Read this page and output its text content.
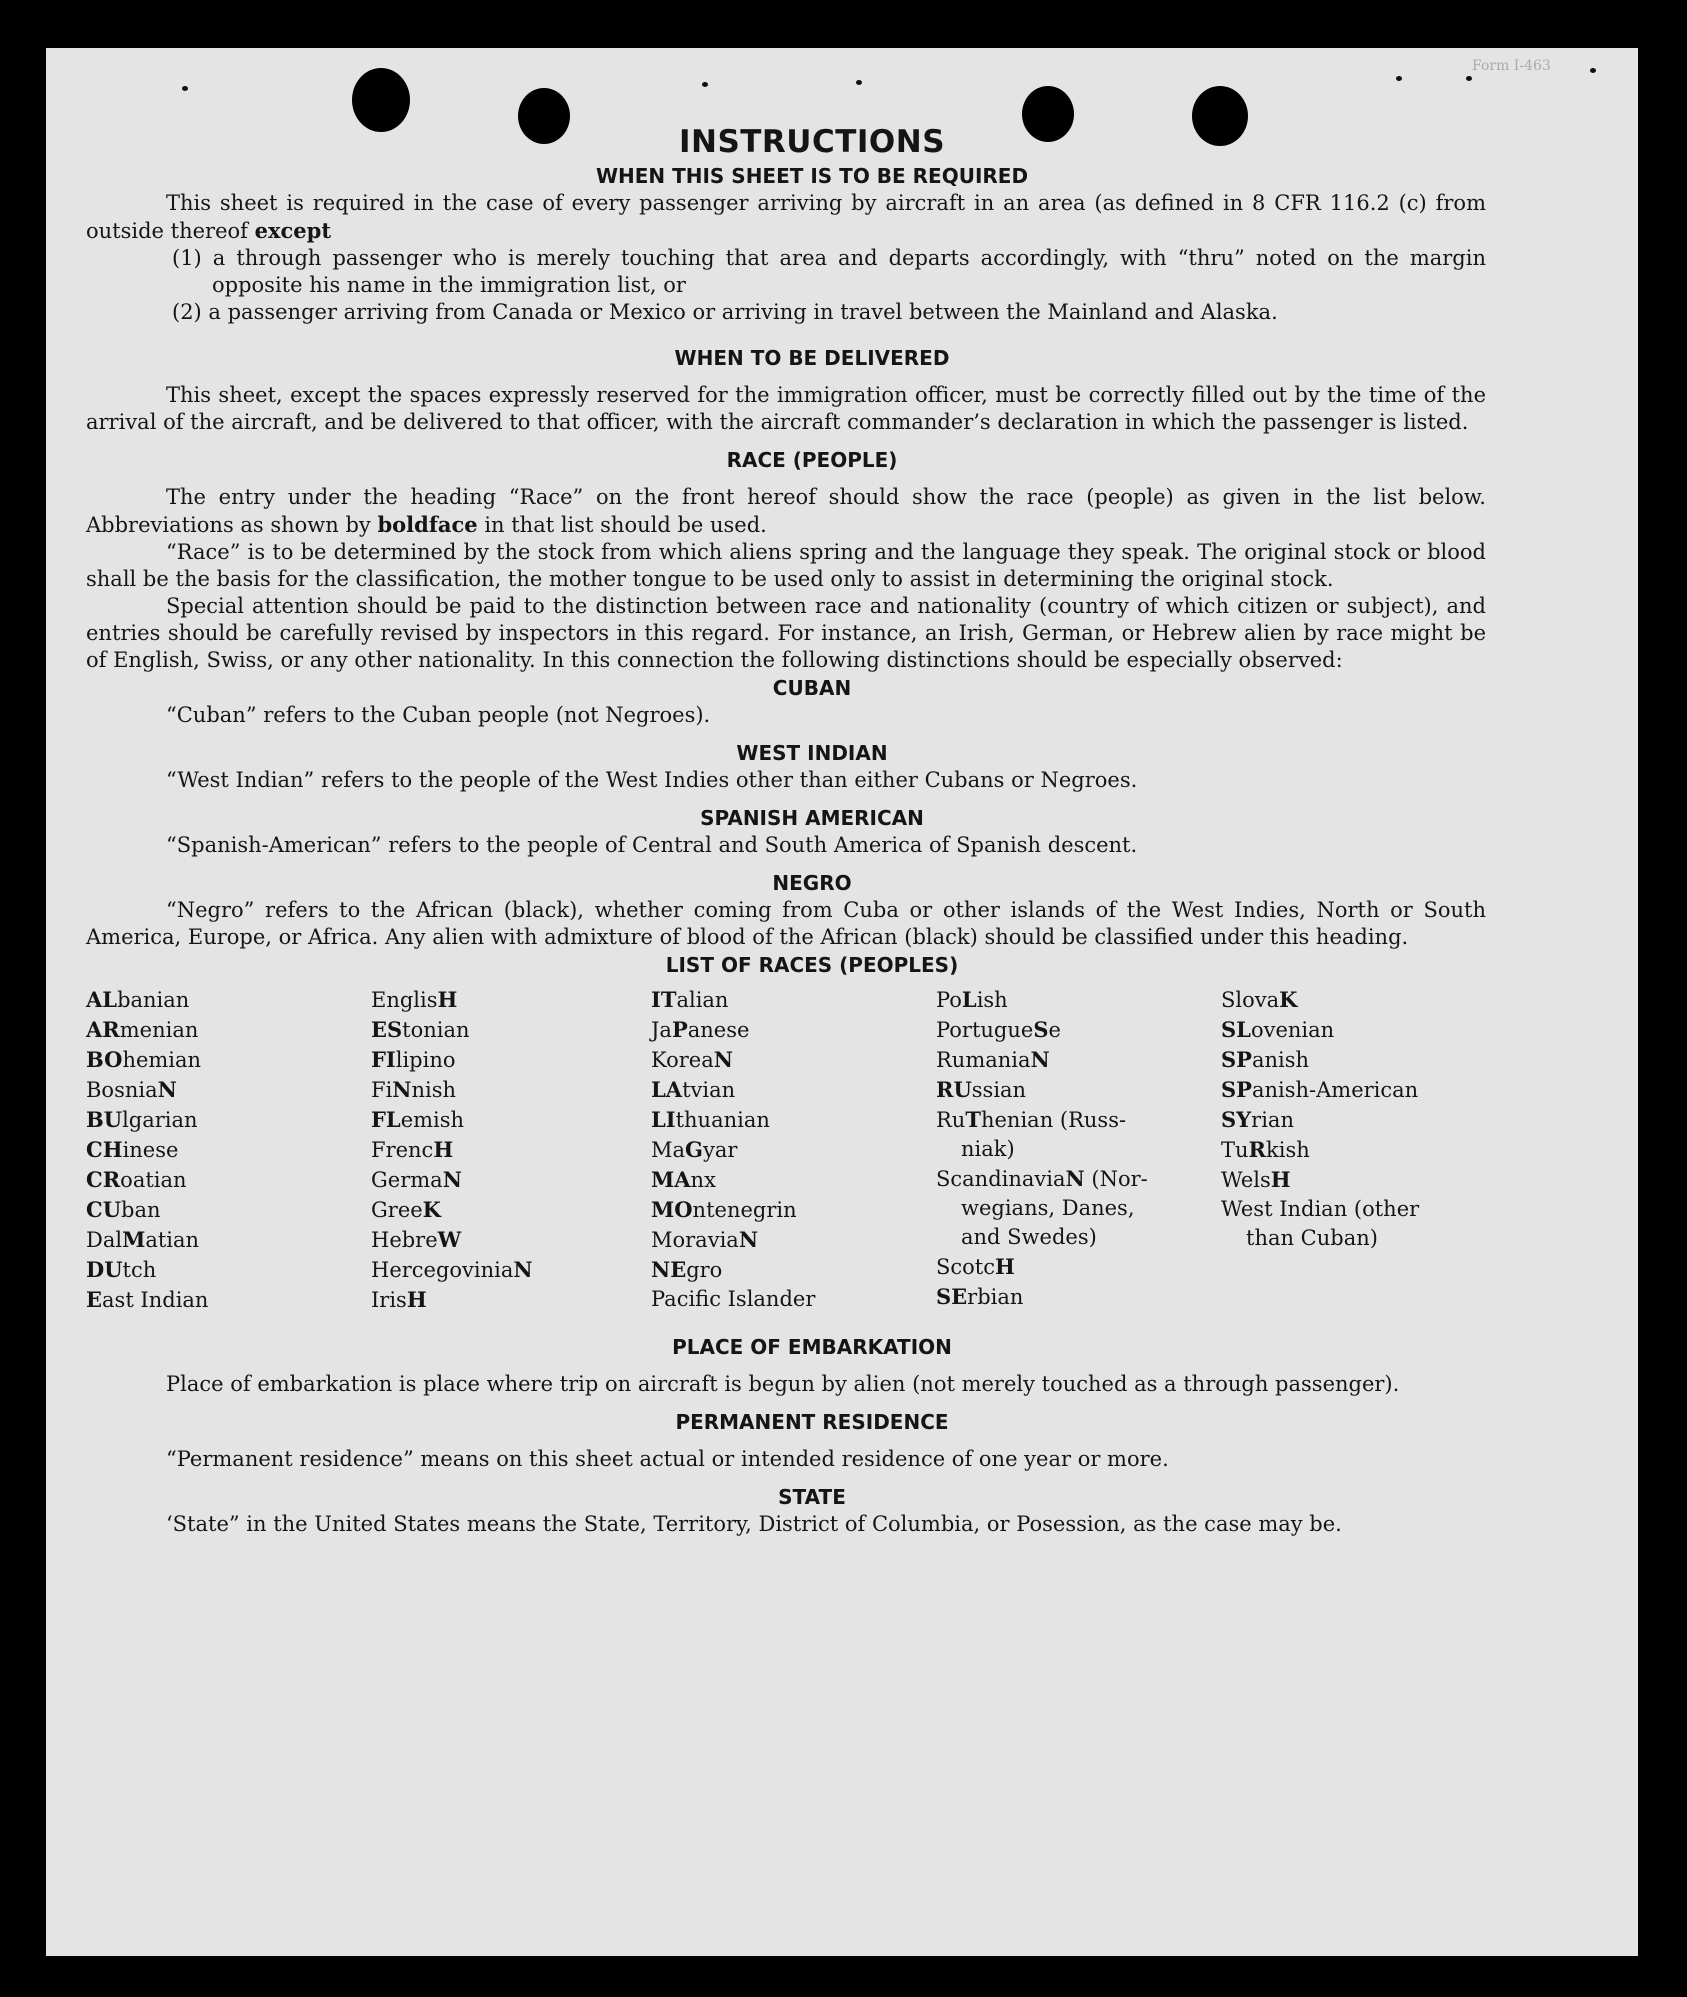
Form I-463
INSTRUCTIONS
WHEN THIS SHEET IS TO BE REQUIRED

This sheet is required in the case of every passenger arriving by aircraft in an area (as defined in 8 CFR 116.2 (c) from outside thereof except

(1) a through passenger who is merely touching that area and departs accordingly, with “thru” noted on the margin opposite his name in the immigration list, or

(2) a passenger arriving from Canada or Mexico or arriving in travel between the Mainland and Alaska.

WHEN TO BE DELIVERED

This sheet, except the spaces expressly reserved for the immigration officer, must be correctly filled out by the time of the arrival of the aircraft, and be delivered to that officer, with the aircraft commander’s declaration in which the passenger is listed.

RACE (PEOPLE)

The entry under the heading “Race” on the front hereof should show the race (people) as given in the list below. Abbreviations as shown by boldface in that list should be used.

“Race” is to be determined by the stock from which aliens spring and the language they speak. The original stock or blood shall be the basis for the classification, the mother tongue to be used only to assist in determining the original stock.

Special attention should be paid to the distinction between race and nationality (country of which citizen or subject), and entries should be carefully revised by inspectors in this regard. For instance, an Irish, German, or Hebrew alien by race might be of English, Swiss, or any other nationality. In this connection the following distinctions should be especially observed:

CUBAN

“Cuban” refers to the Cuban people (not Negroes).

WEST INDIAN

“West Indian” refers to the people of the West Indies other than either Cubans or Negroes.

SPANISH AMERICAN

“Spanish-American” refers to the people of Central and South America of Spanish descent.

NEGRO

“Negro” refers to the African (black), whether coming from Cuba or other islands of the West Indies, North or South America, Europe, or Africa. Any alien with admixture of blood of the African (black) should be classified under this heading.

LIST OF RACES (PEOPLES)
ALbanian
ARmenian
BOhemian
BosniaN
BUlgarian
CHinese
CRoatian
CUban
DalMatian
DUtch
East Indian
EnglisH
EStonian
FIlipino
FiNnish
FLemish
FrencH
GermaN
GreeK
HebreW
HercegoviniaN
IrisH
ITalian
JaPanese
KoreaN
LAtvian
LIthuanian
MaGyar
MAnx
MOntenegrin
MoraviaN
NEgro
Pacific Islander
PoLish
PortugueSe
RumaniaN
RUssian
RuThenian (Russ-
niak)
ScandinaviaN (Nor-
wegians, Danes,
and Swedes)
ScotcH
SErbian
SlovaK
SLovenian
SPanish
SPanish-American
SYrian
TuRkish
WelsH
West Indian (other
than Cuban)
PLACE OF EMBARKATION

Place of embarkation is place where trip on aircraft is begun by alien (not merely touched as a through passenger).

PERMANENT RESIDENCE

“Permanent residence” means on this sheet actual or intended residence of one year or more.

STATE

‘State” in the United States means the State, Territory, District of Columbia, or Posession, as the case may be.
